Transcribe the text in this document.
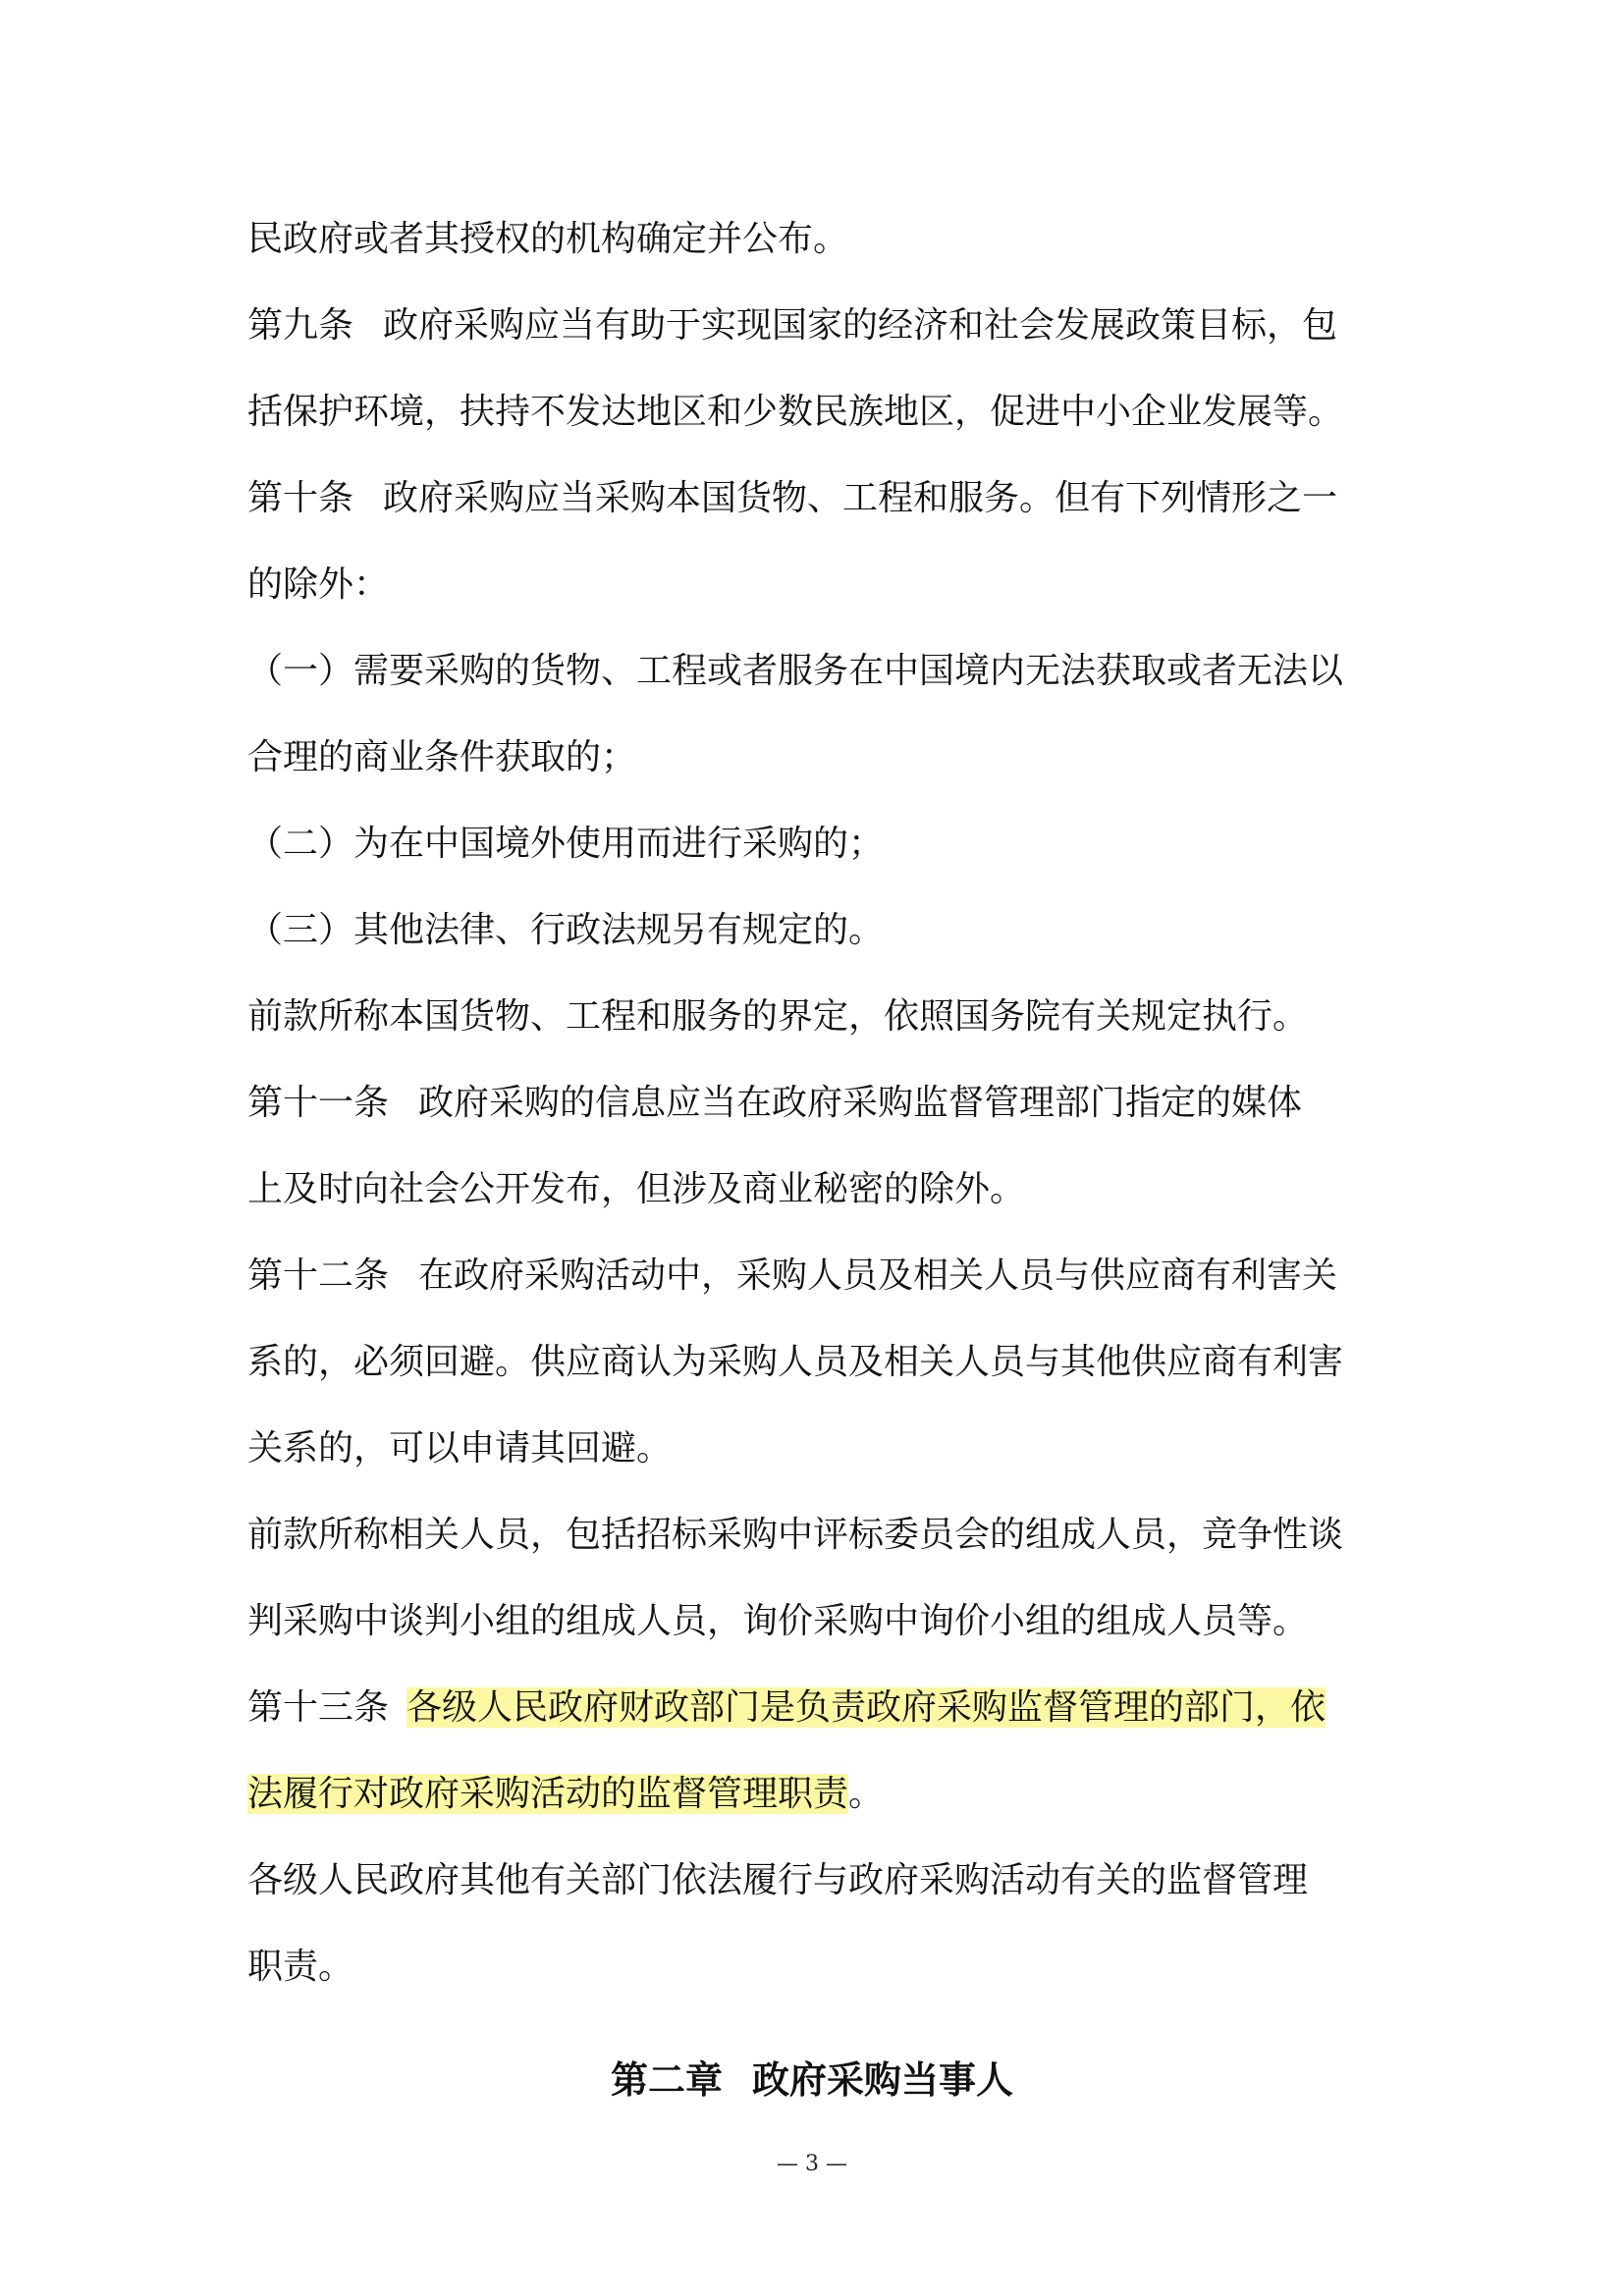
民政府或者其授权的机构确定并公布。
第九条 政府采购应当有助于实现国家的经济和社会发展政策目标，包
括保护环境，扶持不发达地区和少数民族地区，促进中小企业发展等。
第十条 政府采购应当采购本国货物、工程和服务。但有下列情形之一
的除外：
（一）需要采购的货物、工程或者服务在中国境内无法获取或者无法以
合理的商业条件获取的；
（二）为在中国境外使用而进行采购的；
（三）其他法律、行政法规另有规定的。
前款所称本国货物、工程和服务的界定，依照国务院有关规定执行。
第十一条 政府采购的信息应当在政府采购监督管理部门指定的媒体
上及时向社会公开发布，但涉及商业秘密的除外。
第十二条 在政府采购活动中，采购人员及相关人员与供应商有利害关
系的，必须回避。供应商认为采购人员及相关人员与其他供应商有利害
关系的，可以申请其回避。
前款所称相关人员，包括招标采购中评标委员会的组成人员，竞争性谈
判采购中谈判小组的组成人员，询价采购中询价小组的组成人员等。
第十三条 各级人民政府财政部门是负责政府采购监督管理的部门，依
法履行对政府采购活动的监督管理职责。
各级人民政府其他有关部门依法履行与政府采购活动有关的监督管理
职责。
第二章 政府采购当事人
— 3 —
